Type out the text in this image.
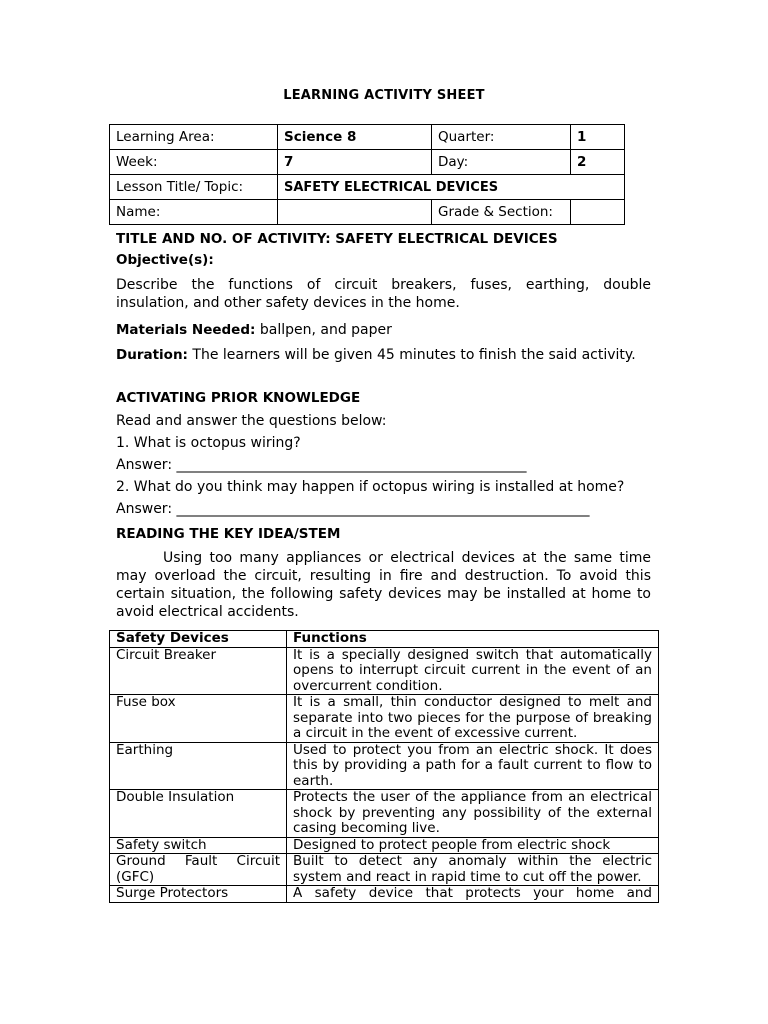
LEARNING ACTIVITY SHEET
Learning Area:	Science 8	Quarter:	1
Week:	7	Day:	2
Lesson Title/ Topic:	SAFETY ELECTRICAL DEVICES		
Name:		Grade & Section:	
TITLE AND NO. OF ACTIVITY: SAFETY ELECTRICAL DEVICES
Objective(s):
Describe the functions of circuit breakers, fuses, earthing, double insulation, and other safety devices in the home.
Materials Needed: ballpen, and paper
Duration: The learners will be given 45 minutes to finish the said activity.
ACTIVATING PRIOR KNOWLEDGE
Read and answer the questions below:
1. What is octopus wiring?
Answer: __________________________________________________
2. What do you think may happen if octopus wiring is installed at home?
Answer: ___________________________________________________________
READING THE KEY IDEA/STEM
Using too many appliances or electrical devices at the same time may overload the circuit, resulting in fire and destruction. To avoid this certain situation, the following safety devices may be installed at home to avoid electrical accidents.
Safety Devices	Functions
Circuit Breaker	It is a specially designed switch that automatically opens to interrupt circuit current in the event of an overcurrent condition.
Fuse box	It is a small, thin conductor designed to melt and separate into two pieces for the purpose of breaking a circuit in the event of excessive current.
Earthing	Used to protect you from an electric shock. It does this by providing a path for a fault current to flow to earth.
Double Insulation	Protects the user of the appliance from an electrical shock by preventing any possibility of the external casing becoming live.
Safety switch	Designed to protect people from electric shock
Ground Fault Circuit (GFC)	Built to detect any anomaly within the electric system and react in rapid time to cut off the power.
Surge Protectors	A safety device that protects your home and
